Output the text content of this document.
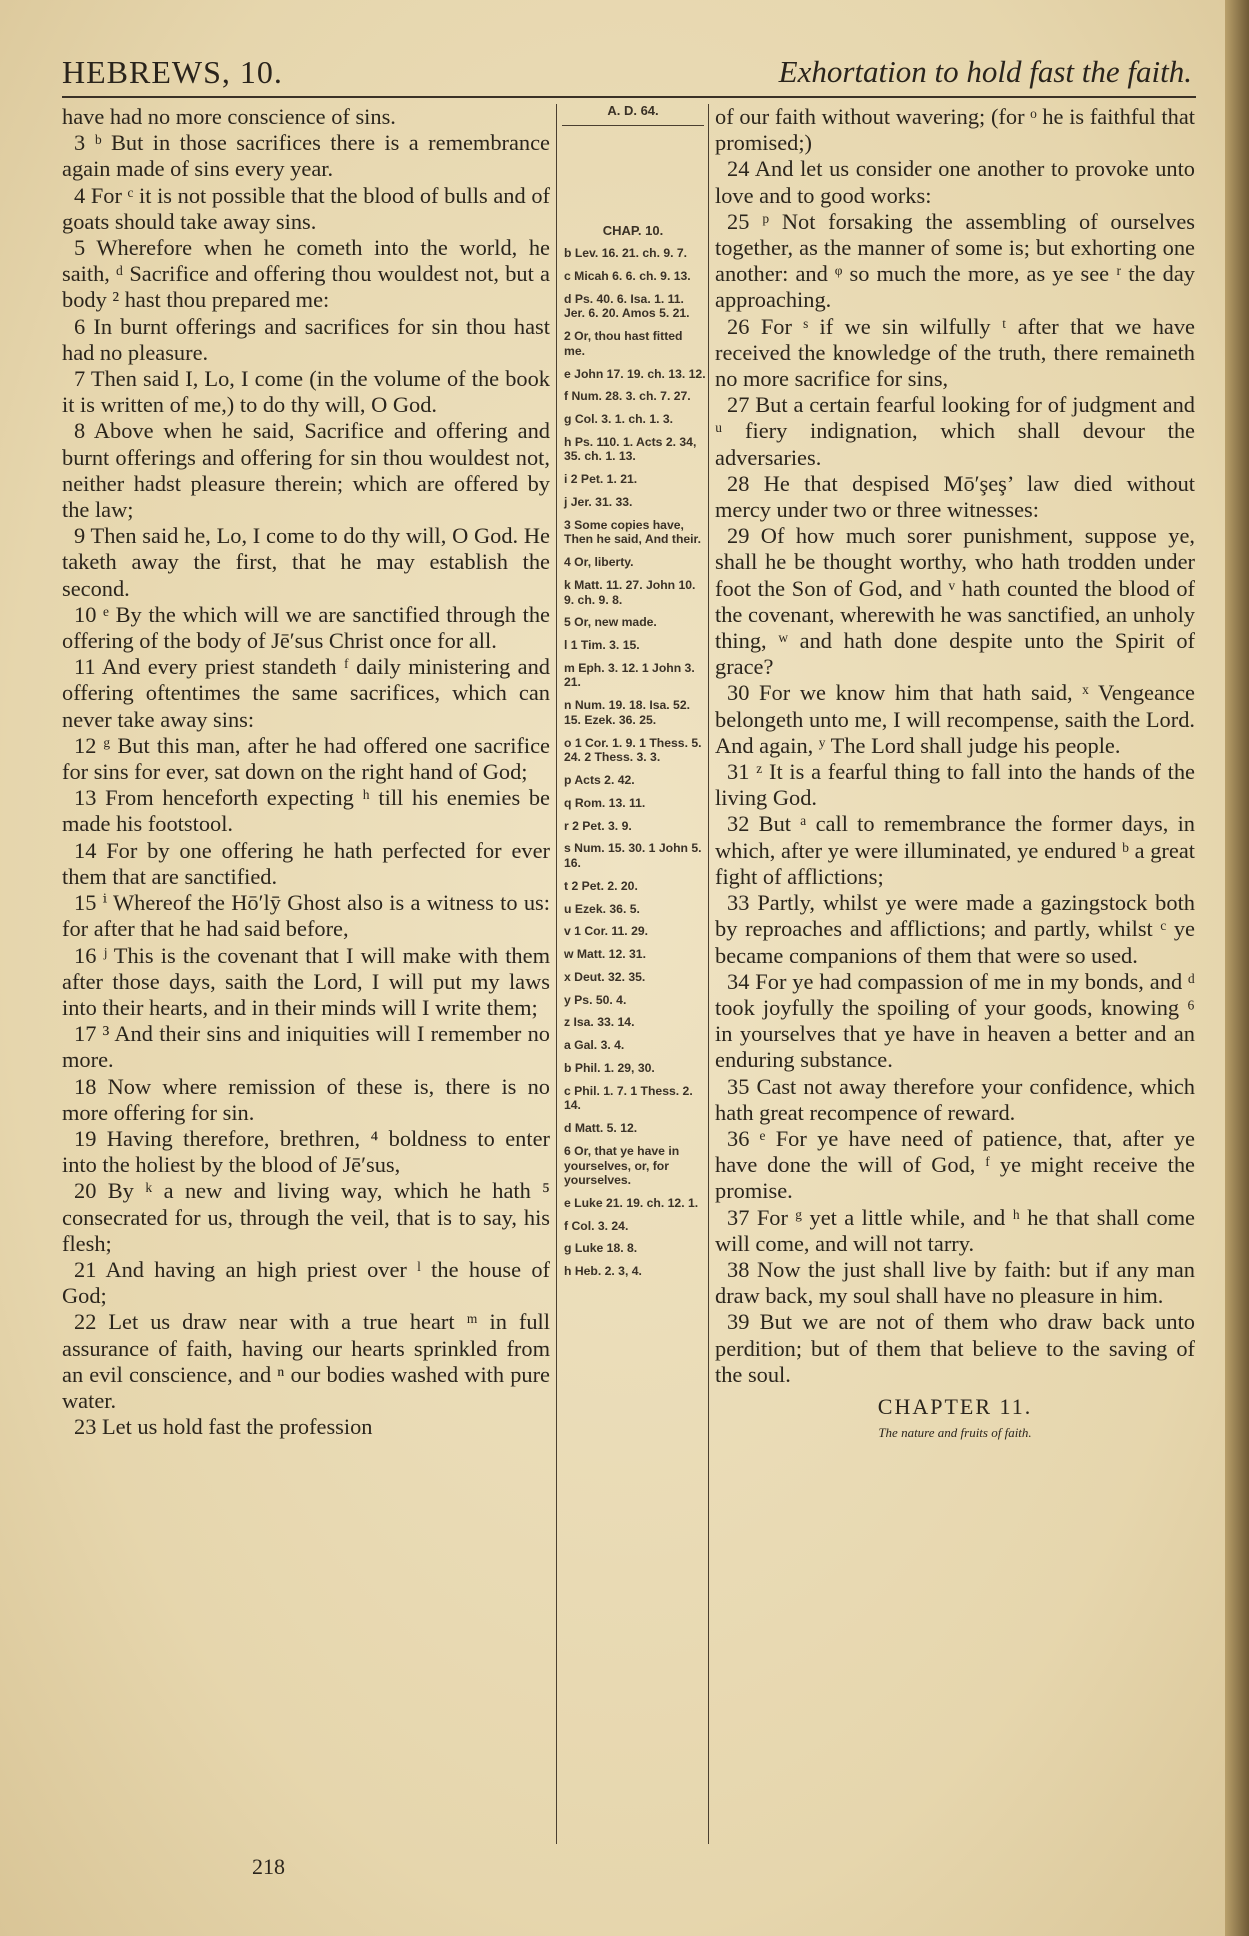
HEBREWS, 10.	Exhortation to hold fast the faith.

have had no more conscience of sins.

3 ᵇ But in those sacrifices there is a remembrance again made of sins every year.

4 For ᶜ it is not possible that the blood of bulls and of goats should take away sins.

5 Wherefore when he cometh into the world, he saith, ᵈ Sacrifice and offering thou wouldest not, but a body ² hast thou prepared me:

6 In burnt offerings and sacrifices for sin thou hast had no pleasure.

7 Then said I, Lo, I come (in the volume of the book it is written of me,) to do thy will, O God.

8 Above when he said, Sacrifice and offering and burnt offerings and offering for sin thou wouldest not, neither hadst pleasure therein; which are offered by the law;

9 Then said he, Lo, I come to do thy will, O God. He taketh away the first, that he may establish the second.

10 ᵉ By the which will we are sanctified through the offering of the body of Jē′sus Christ once for all.

11 And every priest standeth ᶠ daily ministering and offering oftentimes the same sacrifices, which can never take away sins:

12 ᵍ But this man, after he had offered one sacrifice for sins for ever, sat down on the right hand of God;

13 From henceforth expecting ʰ till his enemies be made his footstool.

14 For by one offering he hath perfected for ever them that are sanctified.

15 ⁱ Whereof the Hō′lȳ Ghost also is a witness to us: for after that he had said before,

16 ʲ This is the covenant that I will make with them after those days, saith the Lord, I will put my laws into their hearts, and in their minds will I write them;

17 ³ And their sins and iniquities will I remember no more.

18 Now where remission of these is, there is no more offering for sin.

19 Having therefore, brethren, ⁴ boldness to enter into the holiest by the blood of Jē′sus,

20 By ᵏ a new and living way, which he hath ⁵ consecrated for us, through the veil, that is to say, his flesh;

21 And having an high priest over ˡ the house of God;

22 Let us draw near with a true heart ᵐ in full assurance of faith, having our hearts sprinkled from an evil conscience, and ⁿ our bodies washed with pure water.

23 Let us hold fast the profession

A. D. 64.
CHAP. 10.
b Lev. 16. 21. ch. 9. 7.
c Micah 6. 6. ch. 9. 13.
d Ps. 40. 6. Isa. 1. 11. Jer. 6. 20. Amos 5. 21.
2 Or, thou hast fitted me.
e John 17. 19. ch. 13. 12.
f Num. 28. 3. ch. 7. 27.
g Col. 3. 1. ch. 1. 3.
h Ps. 110. 1. Acts 2. 34, 35. ch. 1. 13.
i 2 Pet. 1. 21.
j Jer. 31. 33.
3 Some copies have, Then he said, And their.
4 Or, liberty.
k Matt. 11. 27. John 10. 9. ch. 9. 8.
5 Or, new made.
l 1 Tim. 3. 15.
m Eph. 3. 12. 1 John 3. 21.
n Num. 19. 18. Isa. 52. 15. Ezek. 36. 25.
o 1 Cor. 1. 9. 1 Thess. 5. 24. 2 Thess. 3. 3.
p Acts 2. 42.
q Rom. 13. 11.
r 2 Pet. 3. 9.
s Num. 15. 30. 1 John 5. 16.
t 2 Pet. 2. 20.
u Ezek. 36. 5.
v 1 Cor. 11. 29.
w Matt. 12. 31.
x Deut. 32. 35.
y Ps. 50. 4.
z Isa. 33. 14.
a Gal. 3. 4.
b Phil. 1. 29, 30.
c Phil. 1. 7. 1 Thess. 2. 14.
d Matt. 5. 12.
6 Or, that ye have in yourselves, or, for yourselves.
e Luke 21. 19. ch. 12. 1.
f Col. 3. 24.
g Luke 18. 8.
h Heb. 2. 3, 4.

of our faith without wavering; (for ᵒ he is faithful that promised;)

24 And let us consider one another to provoke unto love and to good works:

25 ᵖ Not forsaking the assembling of ourselves together, as the manner of some is; but exhorting one another: and ᵠ so much the more, as ye see ʳ the day approaching.

26 For ˢ if we sin wilfully ᵗ after that we have received the knowledge of the truth, there remaineth no more sacrifice for sins,

27 But a certain fearful looking for of judgment and ᵘ fiery indignation, which shall devour the adversaries.

28 He that despised Mō′şeş’ law died without mercy under two or three witnesses:

29 Of how much sorer punishment, suppose ye, shall he be thought worthy, who hath trodden under foot the Son of God, and ᵛ hath counted the blood of the covenant, wherewith he was sanctified, an unholy thing, ʷ and hath done despite unto the Spirit of grace?

30 For we know him that hath said, ˣ Vengeance belongeth unto me, I will recompense, saith the Lord. And again, ʸ The Lord shall judge his people.

31 ᶻ It is a fearful thing to fall into the hands of the living God.

32 But ᵃ call to remembrance the former days, in which, after ye were illuminated, ye endured ᵇ a great fight of afflictions;

33 Partly, whilst ye were made a gazingstock both by reproaches and afflictions; and partly, whilst ᶜ ye became companions of them that were so used.

34 For ye had compassion of me in my bonds, and ᵈ took joyfully the spoiling of your goods, knowing ⁶ in yourselves that ye have in heaven a better and an enduring substance.

35 Cast not away therefore your confidence, which hath great recompence of reward.

36 ᵉ For ye have need of patience, that, after ye have done the will of God, ᶠ ye might receive the promise.

37 For ᵍ yet a little while, and ʰ he that shall come will come, and will not tarry.

38 Now the just shall live by faith: but if any man draw back, my soul shall have no pleasure in him.

39 But we are not of them who draw back unto perdition; but of them that believe to the saving of the soul.

CHAPTER 11.
The nature and fruits of faith.
218
